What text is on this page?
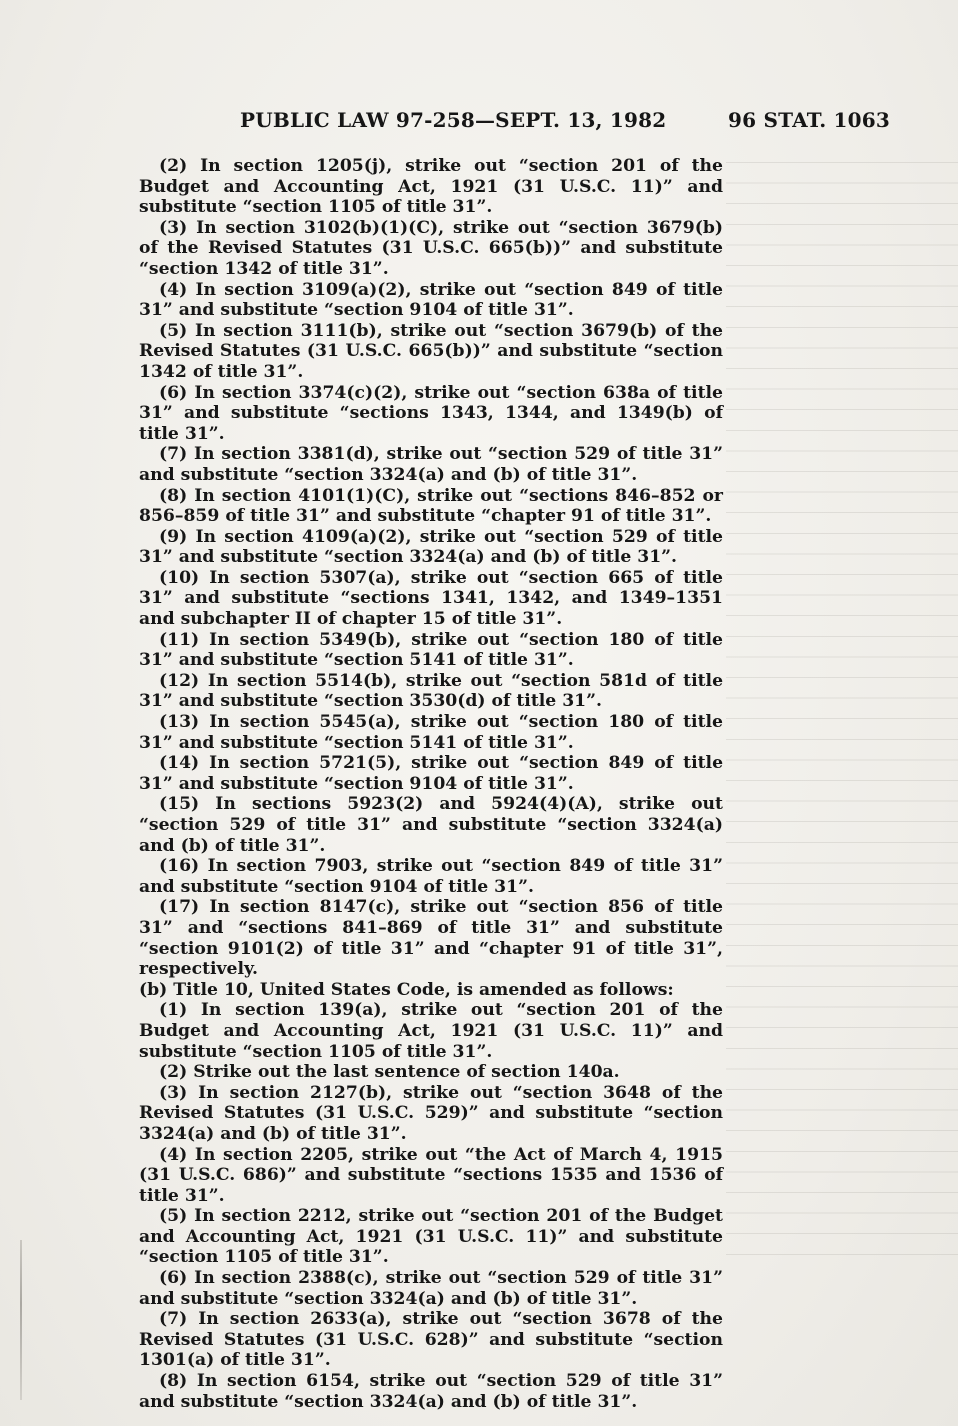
PUBLIC LAW 97-258—SEPT. 13, 1982	96 STAT. 1063

(2) In section 1205(j), strike out “section 201 of the Budget and Accounting Act, 1921 (31 U.S.C. 11)” and substitute “section 1105 of title 31”.

(3) In section 3102(b)(1)(C), strike out “section 3679(b) of the Revised Statutes (31 U.S.C. 665(b))” and substitute “section 1342 of title 31”.

(4) In section 3109(a)(2), strike out “section 849 of title 31” and substitute “section 9104 of title 31”.

(5) In section 3111(b), strike out “section 3679(b) of the Revised Statutes (31 U.S.C. 665(b))” and substitute “section 1342 of title 31”.

(6) In section 3374(c)(2), strike out “section 638a of title 31” and substitute “sections 1343, 1344, and 1349(b) of title 31”.

(7) In section 3381(d), strike out “section 529 of title 31” and substitute “section 3324(a) and (b) of title 31”.

(8) In section 4101(1)(C), strike out “sections 846–852 or 856–859 of title 31” and substitute “chapter 91 of title 31”.

(9) In section 4109(a)(2), strike out “section 529 of title 31” and substitute “section 3324(a) and (b) of title 31”.

(10) In section 5307(a), strike out “section 665 of title 31” and substitute “sections 1341, 1342, and 1349–1351 and subchapter II of chapter 15 of title 31”.

(11) In section 5349(b), strike out “section 180 of title 31” and substitute “section 5141 of title 31”.

(12) In section 5514(b), strike out “section 581d of title 31” and substitute “section 3530(d) of title 31”.

(13) In section 5545(a), strike out “section 180 of title 31” and substitute “section 5141 of title 31”.

(14) In section 5721(5), strike out “section 849 of title 31” and substitute “section 9104 of title 31”.

(15) In sections 5923(2) and 5924(4)(A), strike out “section 529 of title 31” and substitute “section 3324(a) and (b) of title 31”.

(16) In section 7903, strike out “section 849 of title 31” and substitute “section 9104 of title 31”.

(17) In section 8147(c), strike out “section 856 of title 31” and “sections 841–869 of title 31” and substitute “section 9101(2) of title 31” and “chapter 91 of title 31”, respectively.

(b) Title 10, United States Code, is amended as follows:

(1) In section 139(a), strike out “section 201 of the Budget and Accounting Act, 1921 (31 U.S.C. 11)” and substitute “section 1105 of title 31”.

(2) Strike out the last sentence of section 140a.

(3) In section 2127(b), strike out “section 3648 of the Revised Statutes (31 U.S.C. 529)” and substitute “section 3324(a) and (b) of title 31”.

(4) In section 2205, strike out “the Act of March 4, 1915 (31 U.S.C. 686)” and substitute “sections 1535 and 1536 of title 31”.

(5) In section 2212, strike out “section 201 of the Budget and Accounting Act, 1921 (31 U.S.C. 11)” and substitute “section 1105 of title 31”.

(6) In section 2388(c), strike out “section 529 of title 31” and substitute “section 3324(a) and (b) of title 31”.

(7) In section 2633(a), strike out “section 3678 of the Revised Statutes (31 U.S.C. 628)” and substitute “section 1301(a) of title 31”.

(8) In section 6154, strike out “section 529 of title 31” and substitute “section 3324(a) and (b) of title 31”.
